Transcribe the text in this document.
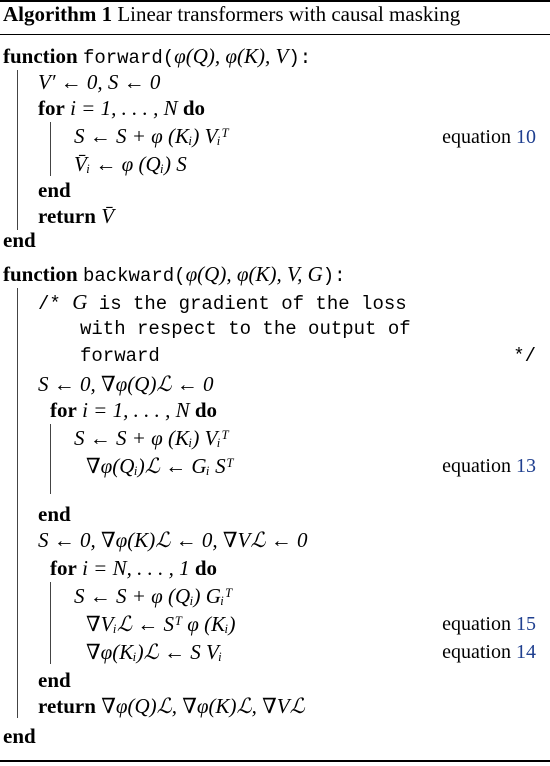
Algorithm 1 Linear transformers with causal masking
function forward(φ(Q), φ(K), V):
V′ ← 0, S ← 0
for i = 1, . . . , N do
S ← S + φ (Kᵢ) Vᵢᵀ	equation 10
V̄ᵢ ← φ (Qᵢ) S
end
return V̄
end
function backward(φ(Q), φ(K), V, G):
/* G is the gradient of the loss
with respect to the output of
forward	*/
S ← 0, ∇φ(Q)ℒ ← 0
for i = 1, . . . , N do
S ← S + φ (Kᵢ) Vᵢᵀ
∇φ(Qᵢ)ℒ ← Gᵢ Sᵀ	equation 13
end
S ← 0, ∇φ(K)ℒ ← 0, ∇Vℒ ← 0
for i = N, . . . , 1 do
S ← S + φ (Qᵢ) Gᵢᵀ
∇Vᵢℒ ← Sᵀ φ (Kᵢ)	equation 15
∇φ(Kᵢ)ℒ ← S Vᵢ	equation 14
end
return ∇φ(Q)ℒ, ∇φ(K)ℒ, ∇Vℒ
end
